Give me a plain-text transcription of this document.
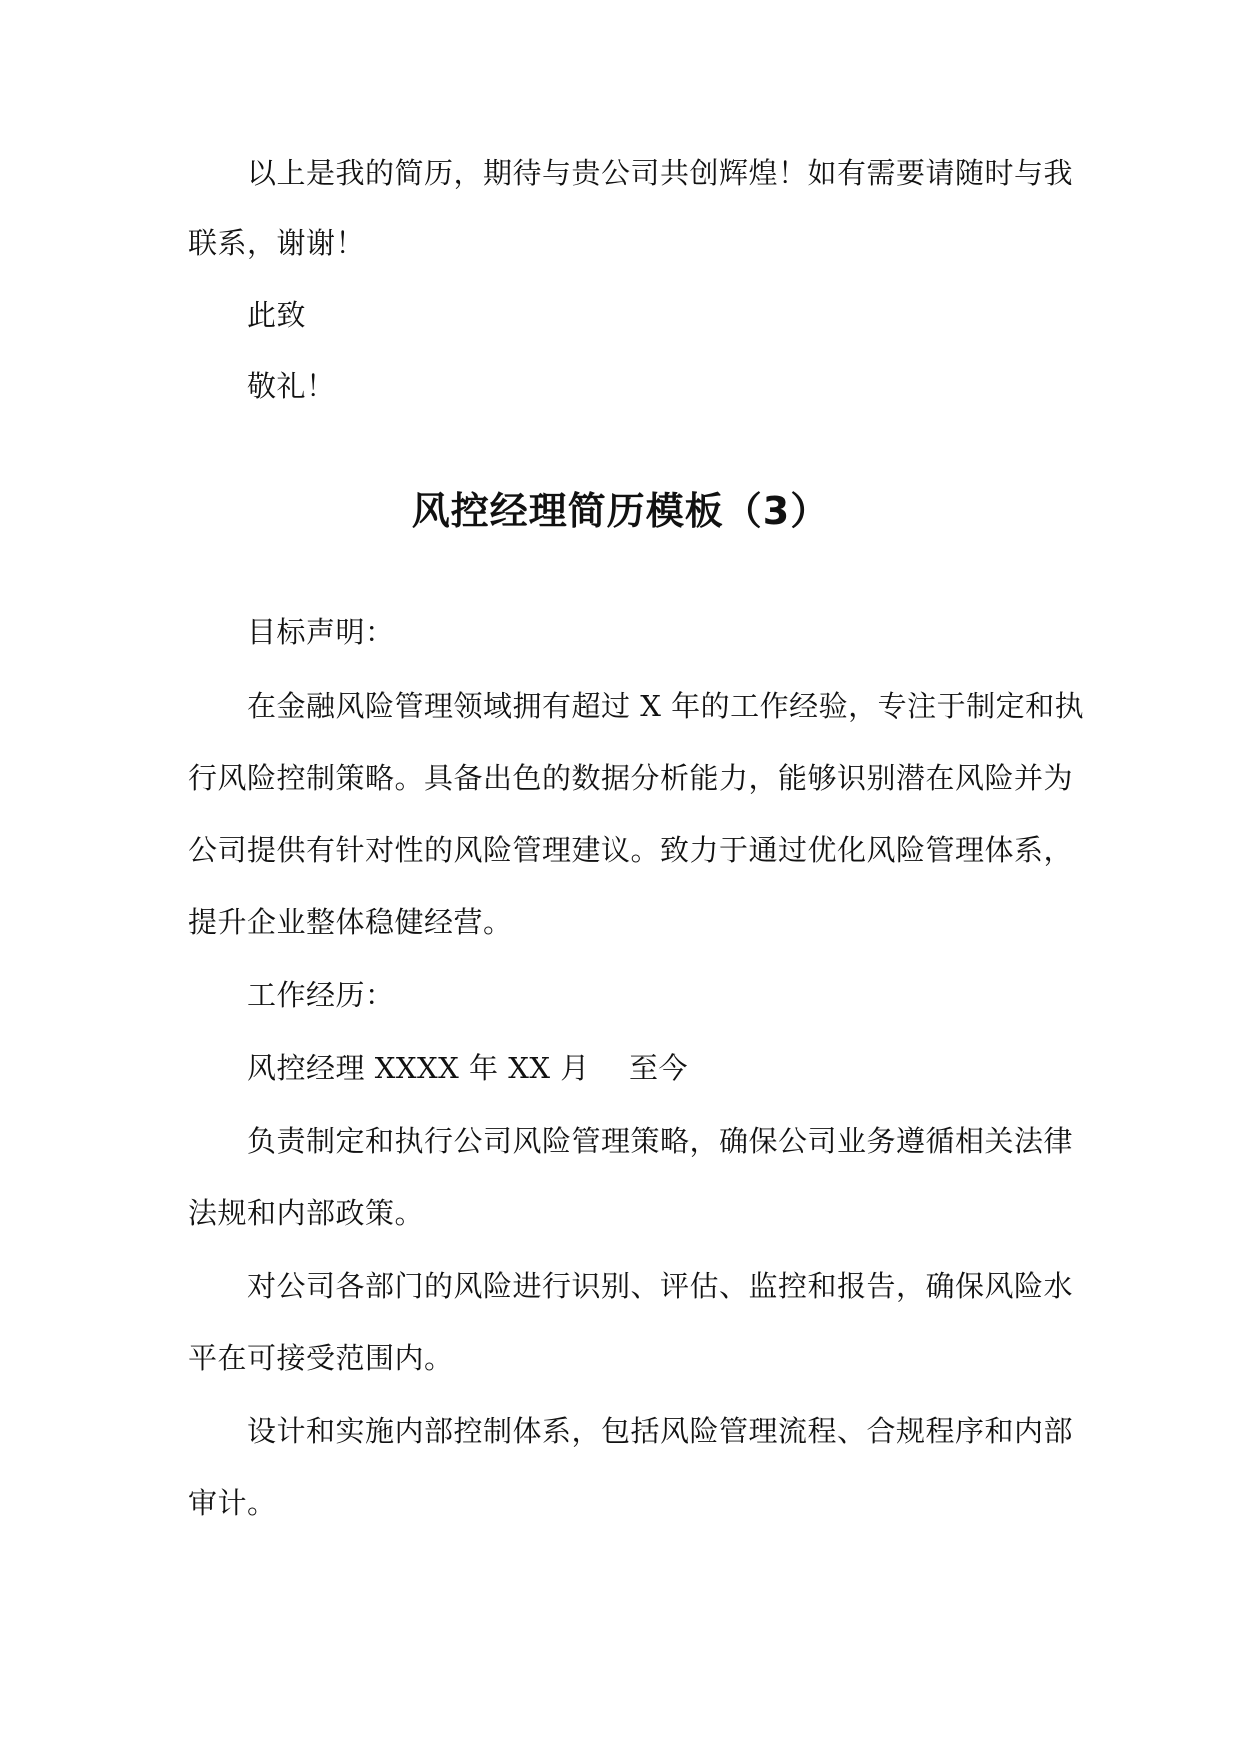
以上是我的简历，期待与贵公司共创辉煌！如有需要请随时与我
联系，谢谢！
此致
敬礼！
风控经理简历模板（3）
目标声明：
在金融风险管理领域拥有超过 X 年的工作经验，专注于制定和执
行风险控制策略。具备出色的数据分析能力，能够识别潜在风险并为
公司提供有针对性的风险管理建议。致力于通过优化风险管理体系，
提升企业整体稳健经营。
工作经历：
风控经理 XXXX 年 XX 月　 至今
负责制定和执行公司风险管理策略，确保公司业务遵循相关法律
法规和内部政策。
对公司各部门的风险进行识别、评估、监控和报告，确保风险水
平在可接受范围内。
设计和实施内部控制体系，包括风险管理流程、合规程序和内部
审计。
